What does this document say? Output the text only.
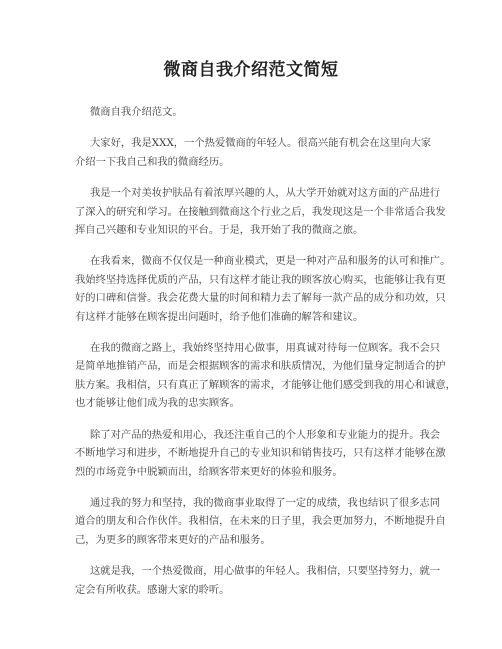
微商自我介绍范文简短

微商自我介绍范文。

大家好，我是XXX，一个热爱微商的年轻人。很高兴能有机会在这里向大家
介绍一下我自己和我的微商经历。

我是一个对美妆护肤品有着浓厚兴趣的人，从大学开始就对这方面的产品进行
了深入的研究和学习。在接触到微商这个行业之后，我发现这是一个非常适合我发
挥自己兴趣和专业知识的平台。于是，我开始了我的微商之旅。

在我看来，微商不仅仅是一种商业模式，更是一种对产品和服务的认可和推广。
我始终坚持选择优质的产品，只有这样才能让我的顾客放心购买，也能够让我有更
好的口碑和信誉。我会花费大量的时间和精力去了解每一款产品的成分和功效，只
有这样才能够在顾客提出问题时，给予他们准确的解答和建议。

在我的微商之路上，我始终坚持用心做事，用真诚对待每一位顾客。我不会只
是简单地推销产品，而是会根据顾客的需求和肤质情况，为他们量身定制适合的护
肤方案。我相信，只有真正了解顾客的需求，才能够让他们感受到我的用心和诚意，
也才能够让他们成为我的忠实顾客。

除了对产品的热爱和用心，我还注重自己的个人形象和专业能力的提升。我会
不断地学习和进步，不断地提升自己的专业知识和销售技巧，只有这样才能够在激
烈的市场竞争中脱颖而出，给顾客带来更好的体验和服务。

通过我的努力和坚持，我的微商事业取得了一定的成绩，我也结识了很多志同
道合的朋友和合作伙伴。我相信，在未来的日子里，我会更加努力，不断地提升自
己，为更多的顾客带来更好的产品和服务。

这就是我，一个热爱微商，用心做事的年轻人。我相信，只要坚持努力，就一
定会有所收获。感谢大家的聆听。
